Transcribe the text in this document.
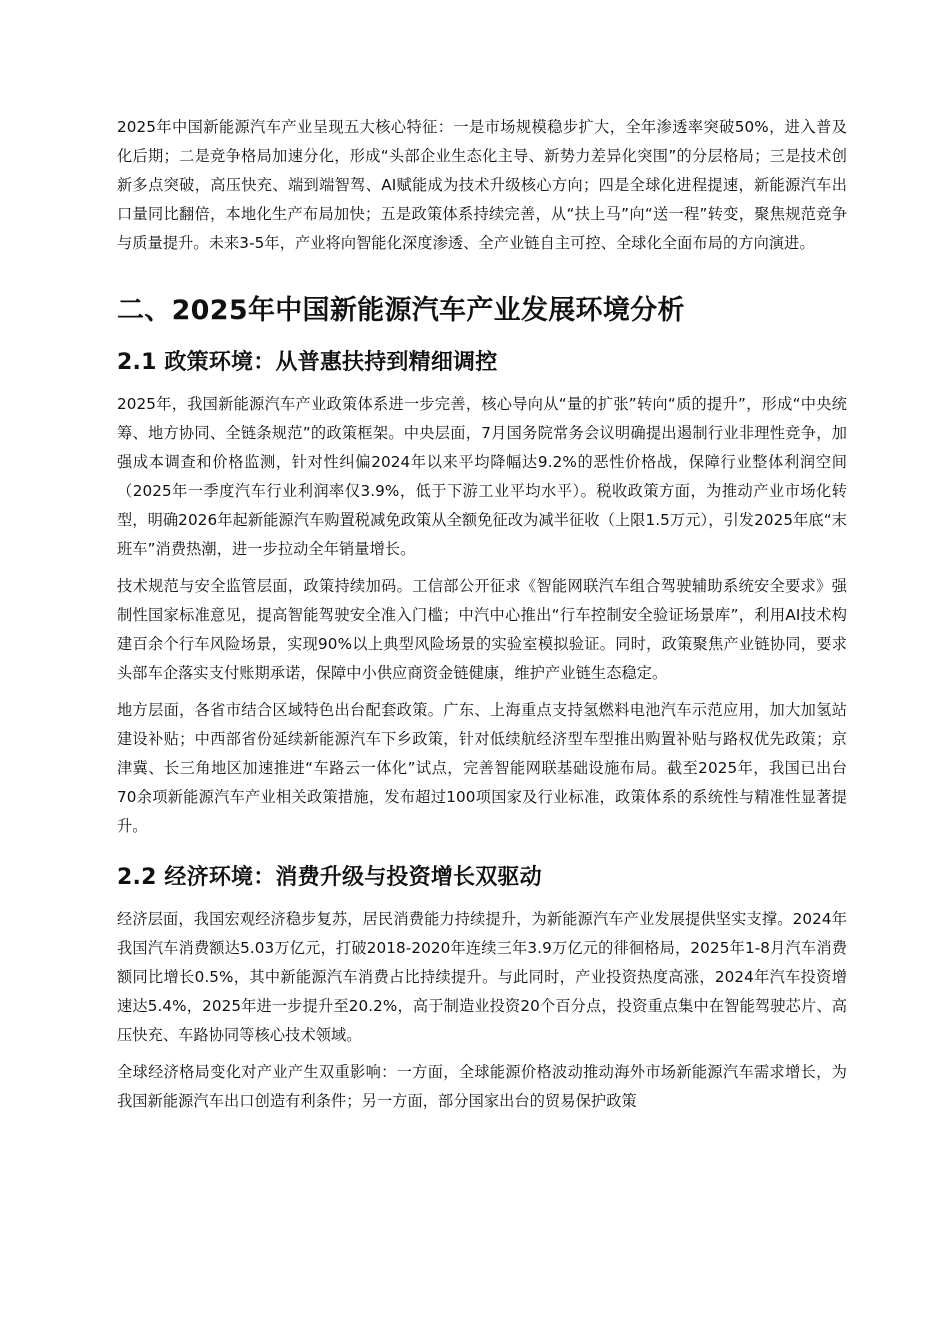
2025年中国新能源汽车产业呈现五大核心特征：一是市场规模稳步扩大，全年渗透率突破50%，进入普及化后期；二是竞争格局加速分化，形成“头部企业生态化主导、新势力差异化突围”的分层格局；三是技术创新多点突破，高压快充、端到端智驾、AI赋能成为技术升级核心方向；四是全球化进程提速，新能源汽车出口量同比翻倍，本地化生产布局加快；五是政策体系持续完善，从“扶上马”向“送一程”转变，聚焦规范竞争与质量提升。未来3-5年，产业将向智能化深度渗透、全产业链自主可控、全球化全面布局的方向演进。

二、2025年中国新能源汽车产业发展环境分析
2.1 政策环境：从普惠扶持到精细调控

2025年，我国新能源汽车产业政策体系进一步完善，核心导向从“量的扩张”转向“质的提升”，形成“中央统筹、地方协同、全链条规范”的政策框架。中央层面，7月国务院常务会议明确提出遏制行业非理性竞争，加强成本调查和价格监测，针对性纠偏2024年以来平均降幅达9.2%的恶性价格战，保障行业整体利润空间（2025年一季度汽车行业利润率仅3.9%，低于下游工业平均水平）。税收政策方面，为推动产业市场化转型，明确2026年起新能源汽车购置税减免政策从全额免征改为减半征收（上限1.5万元），引发2025年底“末班车”消费热潮，进一步拉动全年销量增长。

技术规范与安全监管层面，政策持续加码。工信部公开征求《智能网联汽车组合驾驶辅助系统安全要求》强制性国家标准意见，提高智能驾驶安全准入门槛；中汽中心推出“行车控制安全验证场景库”，利用AI技术构建百余个行车风险场景，实现90%以上典型风险场景的实验室模拟验证。同时，政策聚焦产业链协同，要求头部车企落实支付账期承诺，保障中小供应商资金链健康，维护产业链生态稳定。

地方层面，各省市结合区域特色出台配套政策。广东、上海重点支持氢燃料电池汽车示范应用，加大加氢站建设补贴；中西部省份延续新能源汽车下乡政策，针对低续航经济型车型推出购置补贴与路权优先政策；京津冀、长三角地区加速推进“车路云一体化”试点，完善智能网联基础设施布局。截至2025年，我国已出台70余项新能源汽车产业相关政策措施，发布超过100项国家及行业标准，政策体系的系统性与精准性显著提升。

2.2 经济环境：消费升级与投资增长双驱动

经济层面，我国宏观经济稳步复苏，居民消费能力持续提升，为新能源汽车产业发展提供坚实支撑。2024年我国汽车消费额达5.03万亿元，打破2018-2020年连续三年3.9万亿元的徘徊格局，2025年1-8月汽车消费额同比增长0.5%，其中新能源汽车消费占比持续提升。与此同时，产业投资热度高涨，2024年汽车投资增速达5.4%，2025年进一步提升至20.2%，高于制造业投资20个百分点，投资重点集中在智能驾驶芯片、高压快充、车路协同等核心技术领域。

全球经济格局变化对产业产生双重影响：一方面，全球能源价格波动推动海外市场新能源汽车需求增长，为我国新能源汽车出口创造有利条件；另一方面，部分国家出台的贸易保护政策
